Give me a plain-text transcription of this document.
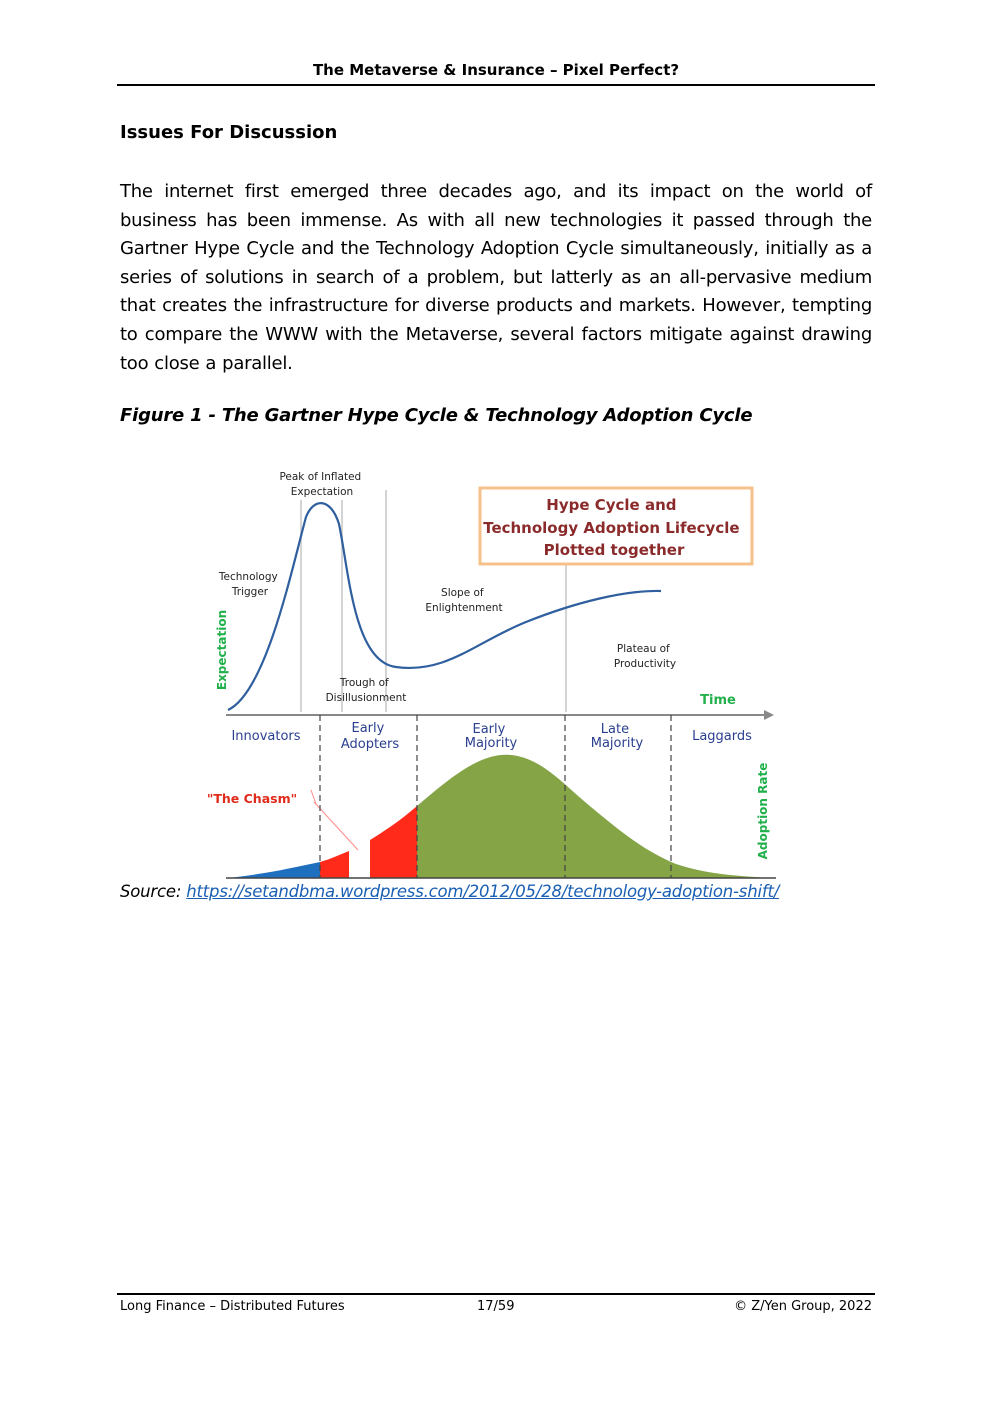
The Metaverse & Insurance – Pixel Perfect?
Issues For Discussion

The internet first emerged three decades ago, and its impact on the world of business has been immense. As with all new technologies it passed through the Gartner Hype Cycle and the Technology Adoption Cycle simultaneously, initially as a series of solutions in search of a problem, but latterly as an all-pervasive medium that creates the infrastructure for diverse products and markets. However, tempting to compare the WWW with the Metaverse, several factors mitigate against drawing too close a parallel.

Figure 1 - The Gartner Hype Cycle & Technology Adoption Cycle
Peak of Inflated Expectation
Technology Trigger
Trough of Disillusionment
Slope of Enlightenment
Plateau of Productivity
Hype Cycle and Technology Adoption Lifecycle Plotted together
Expectation
Time
Innovators
Early Adopters
Early Majority
Late Majority	Laggards
"The Chasm"	Adoption Rate
Source: https://setandbma.wordpress.com/2012/05/28/technology-adoption-shift/
Long Finance – Distributed Futures	17/59	© Z/Yen Group, 2022
